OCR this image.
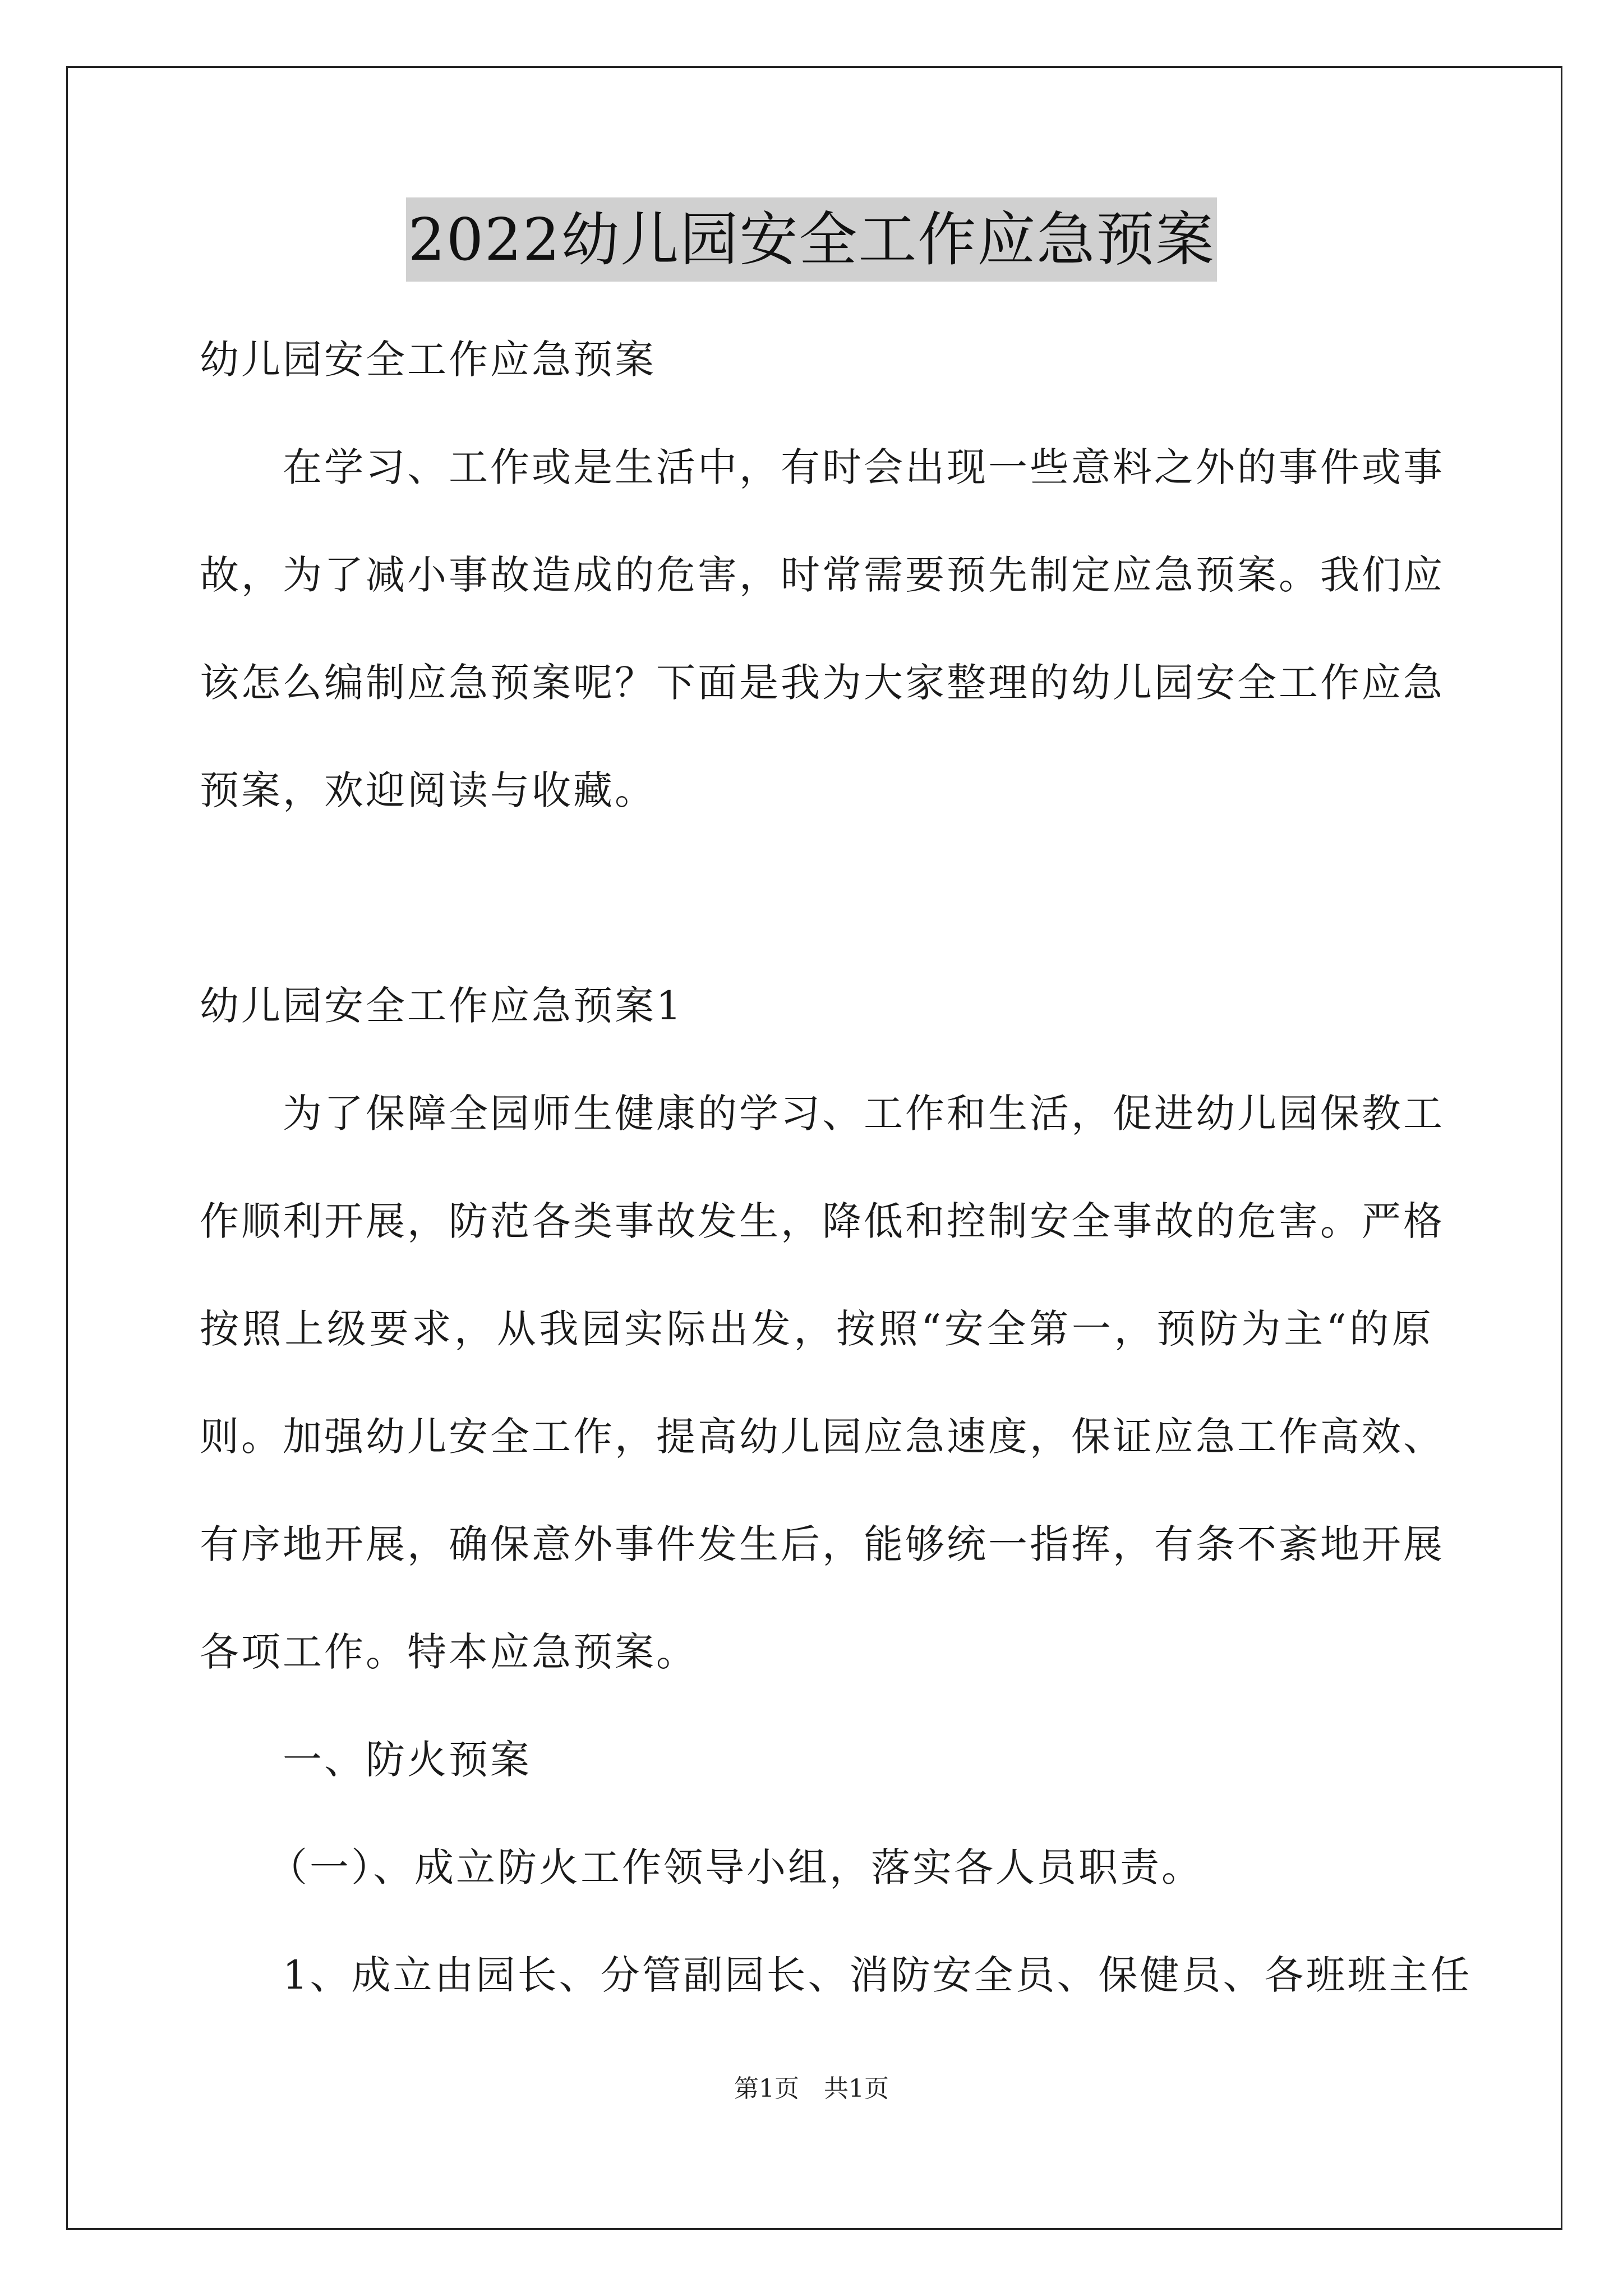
2022幼儿园安全工作应急预案
幼儿园安全工作应急预案
在学习、工作或是生活中，有时会出现一些意料之外的事件或事
故，为了减小事故造成的危害，时常需要预先制定应急预案。我们应
该怎么编制应急预案呢？下面是我为大家整理的幼儿园安全工作应急
预案，欢迎阅读与收藏。
幼儿园安全工作应急预案1
为了保障全园师生健康的学习、工作和生活，促进幼儿园保教工
作顺利开展，防范各类事故发生，降低和控制安全事故的危害。严格
按照上级要求，从我园实际出发，按照“安全第一，预防为主“的原
则。加强幼儿安全工作，提高幼儿园应急速度，保证应急工作高效、
有序地开展，确保意外事件发生后，能够统一指挥，有条不紊地开展
各项工作。特本应急预案。
一、防火预案
（一）、成立防火工作领导小组，落实各人员职责。
1、成立由园长、分管副园长、消防安全员、保健员、各班班主任
第1页　共1页
